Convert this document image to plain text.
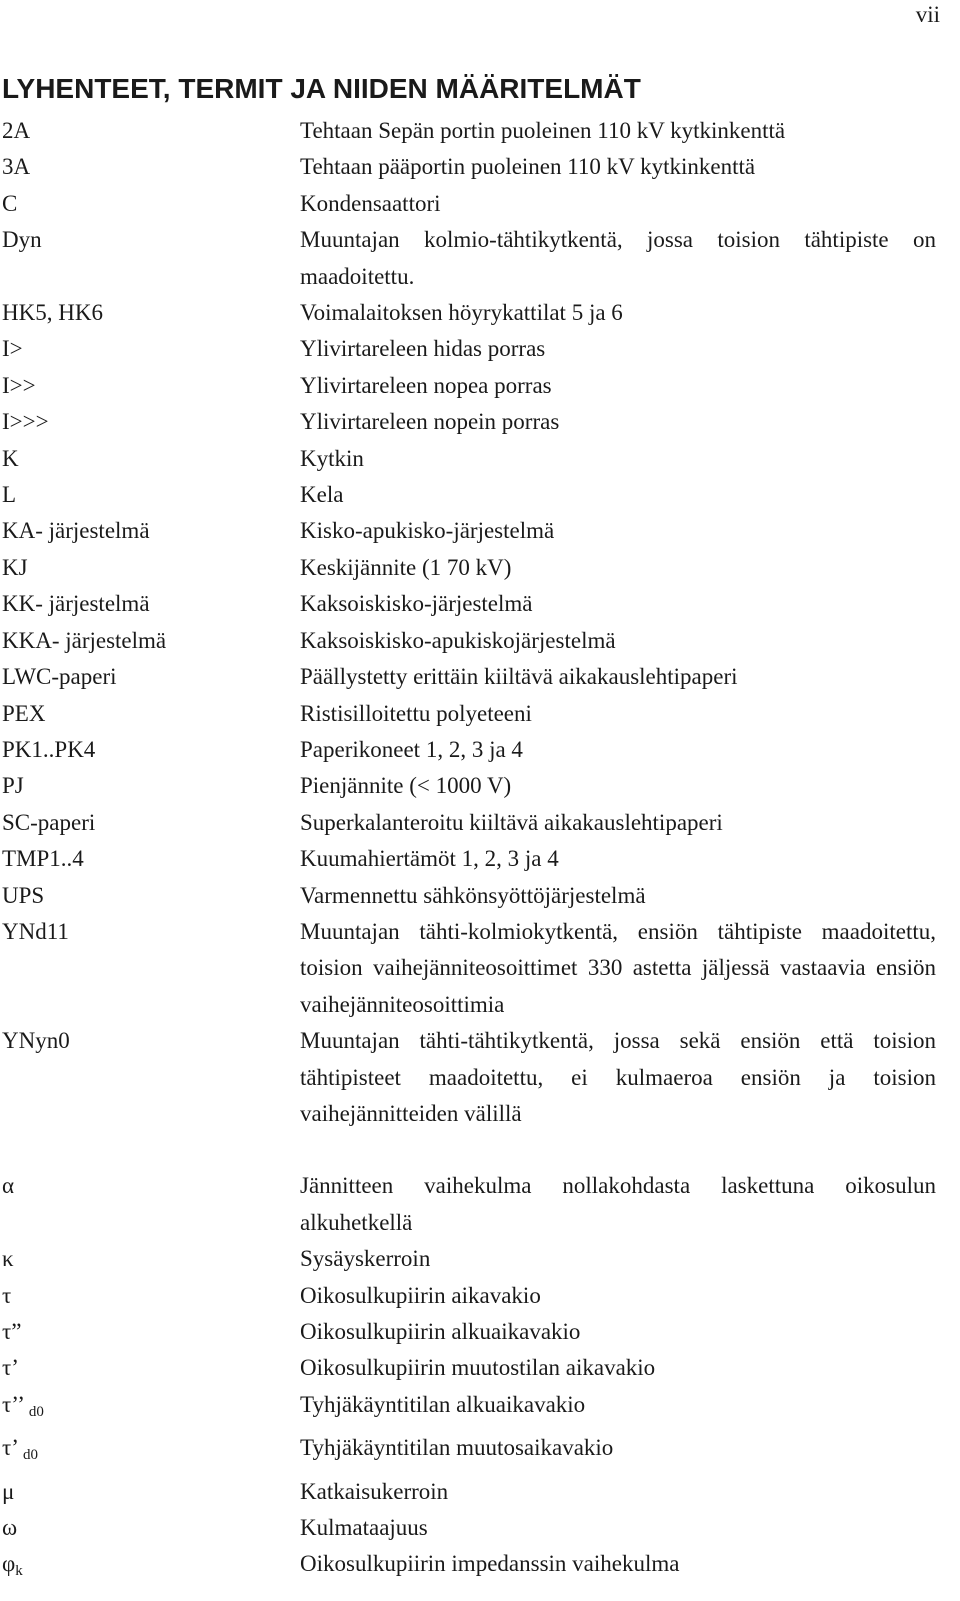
vii
LYHENTEET, TERMIT JA NIIDEN MÄÄRITELMÄT
2A	Tehtaan Sepän portin puoleinen 110 kV kytkinkenttä
3A	Tehtaan pääportin puoleinen 110 kV kytkinkenttä
C	Kondensaattori
Dyn	Muuntajan kolmio-tähtikytkentä, jossa toision tähtipiste on maadoitettu.
HK5, HK6	Voimalaitoksen höyrykattilat 5 ja 6
I>	Ylivirtareleen hidas porras
I>>	Ylivirtareleen nopea porras
I>>>	Ylivirtareleen nopein porras
K	Kytkin
L	Kela
KA- järjestelmä	Kisko-apukisko-järjestelmä
KJ	Keskijännite (1 70 kV)
KK- järjestelmä	Kaksoiskisko-järjestelmä
KKA- järjestelmä	Kaksoiskisko-apukiskojärjestelmä
LWC-paperi	Päällystetty erittäin kiiltävä aikakauslehtipaperi
PEX	Ristisilloitettu polyeteeni
PK1..PK4	Paperikoneet 1, 2, 3 ja 4
PJ	Pienjännite (< 1000 V)
SC-paperi	Superkalanteroitu kiiltävä aikakauslehtipaperi
TMP1..4	Kuumahiertämöt 1, 2, 3 ja 4
UPS	Varmennettu sähkönsyöttöjärjestelmä
YNd11	Muuntajan tähti-kolmiokytkentä, ensiön tähtipiste maadoitettu, toision vaihejänniteosoittimet 330 astetta jäljessä vastaavia ensiön vaihejänniteosoittimia
YNyn0	Muuntajan tähti-tähtikytkentä, jossa sekä ensiön että toision tähtipisteet maadoitettu, ei kulmaeroa ensiön ja toision vaihejännitteiden välillä
α	Jännitteen vaihekulma nollakohdasta laskettuna oikosulun alkuhetkellä
κ	Sysäyskerroin
τ	Oikosulkupiirin aikavakio
τ”	Oikosulkupiirin alkuaikavakio
τ’	Oikosulkupiirin muutostilan aikavakio
τ’’ $_{d0}$	Tyhjäkäyntitilan alkuaikavakio
τ’ $_{d0}$	Tyhjäkäyntitilan muutosaikavakio
μ	Katkaisukerroin
ω	Kulmataajuus
$\varphi_k$	Oikosulkupiirin impedanssin vaihekulma
